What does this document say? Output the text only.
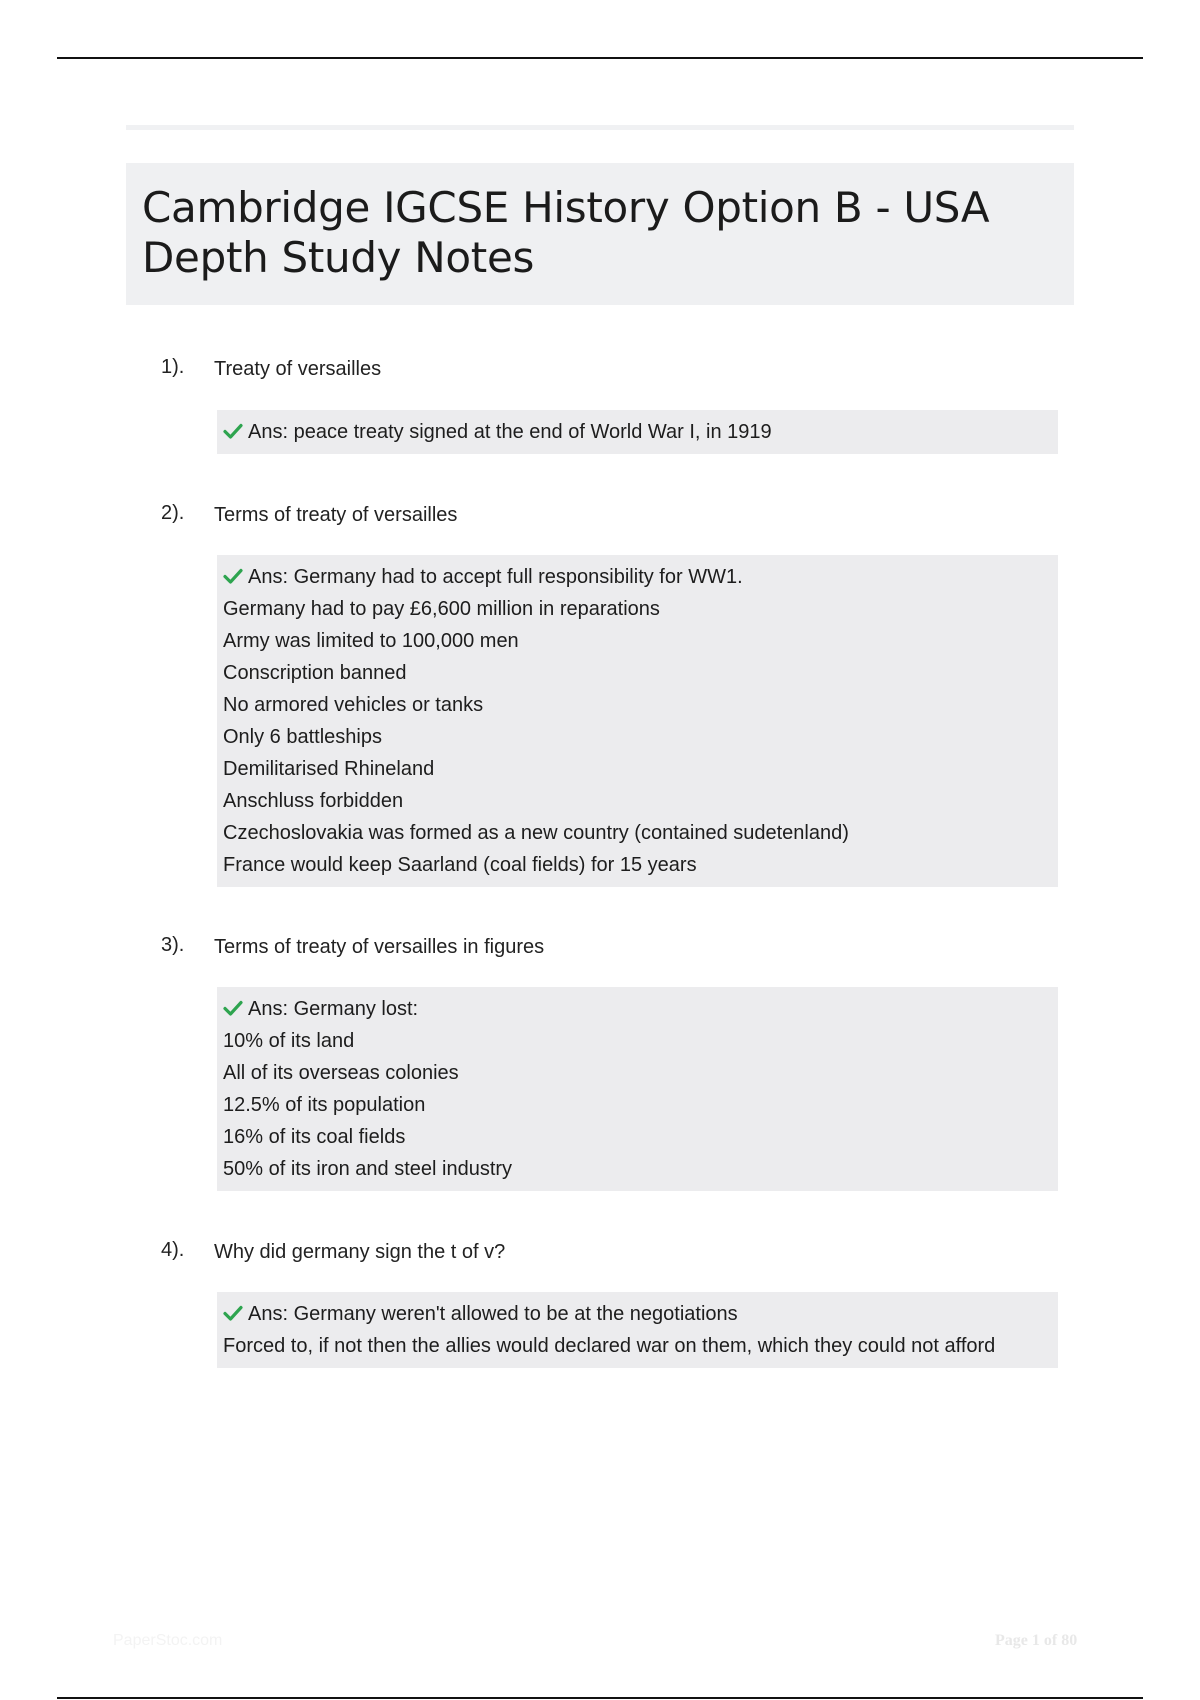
Cambridge IGCSE History Option B - USA Depth Study Notes
1). Treaty of versailles
Ans: peace treaty signed at the end of World War I, in 1919
2). Terms of treaty of versailles
Ans: Germany had to accept full responsibility for WW1.
Germany had to pay £6,600 million in reparations
Army was limited to 100,000 men
Conscription banned
No armored vehicles or tanks
Only 6 battleships
Demilitarised Rhineland
Anschluss forbidden
Czechoslovakia was formed as a new country (contained sudetenland)
France would keep Saarland (coal fields) for 15 years
3). Terms of treaty of versailles in figures
Ans: Germany lost:
10% of its land
All of its overseas colonies
12.5% of its population
16% of its coal fields
50% of its iron and steel industry
4). Why did germany sign the t of v?
Ans: Germany weren't allowed to be at the negotiations
Forced to, if not then the allies would declared war on them, which they could not afford
PaperStoc.com	Page 1 of 80
